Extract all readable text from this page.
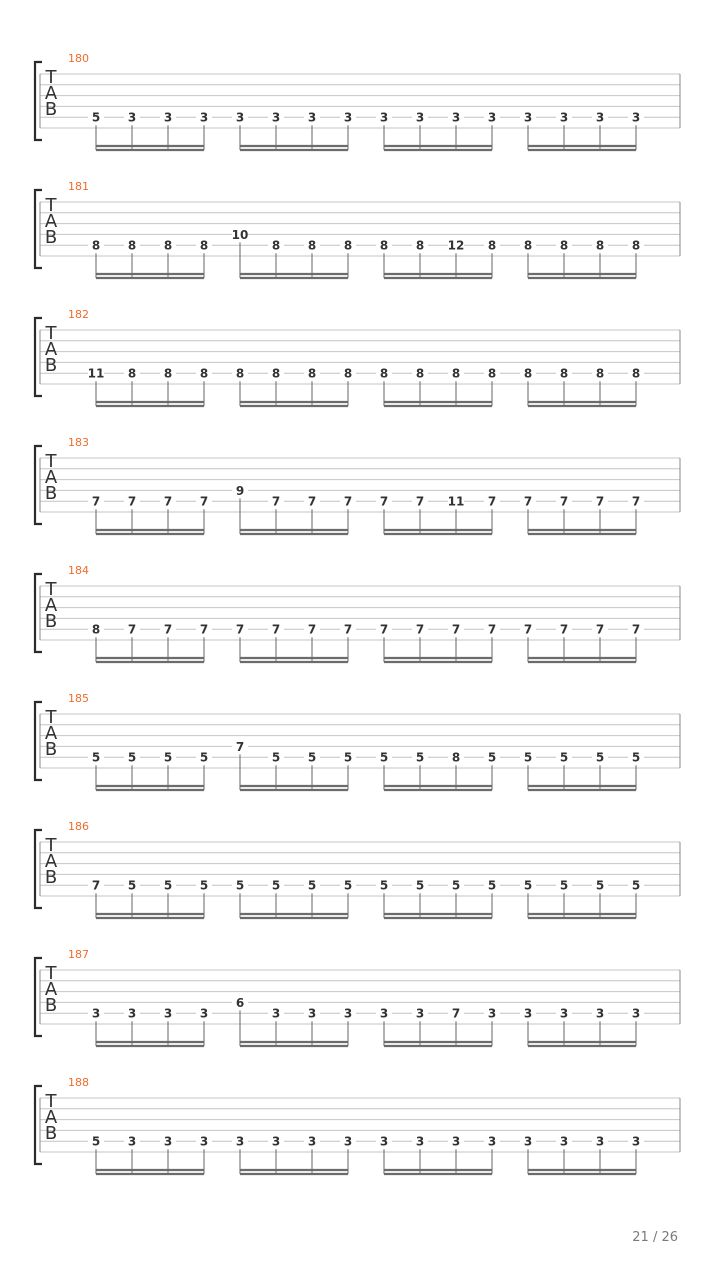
180
T
A
B	5 3 3 3 3 3 3 3 3 3 3 3 3 3 3 3
181
T
A
B	8 8 8 8
10
8 8 8 8 8 12 8 8 8 8 8
182
T
A
B	11 8 8 8 8 8 8 8 8 8 8 8 8 8 8 8
183
T
A
B	7 7 7 7
9
7 7 7 7 7 11 7 7 7 7 7
184
T
A
B	8 7 7 7 7 7 7 7 7 7 7 7 7 7 7 7
185
T
A
B	5 5 5 5
7
5 5 5 5 5 8 5 5 5 5 5
186
T
A
B	7 5 5 5 5 5 5 5 5 5 5 5 5 5 5 5
187
T
A
B	3 3 3 3
6
3 3 3 3 3 7 3 3 3 3 3
188
T
A
B	5 3 3 3 3 3 3 3 3 3 3 3 3 3 3 3
21 / 26
